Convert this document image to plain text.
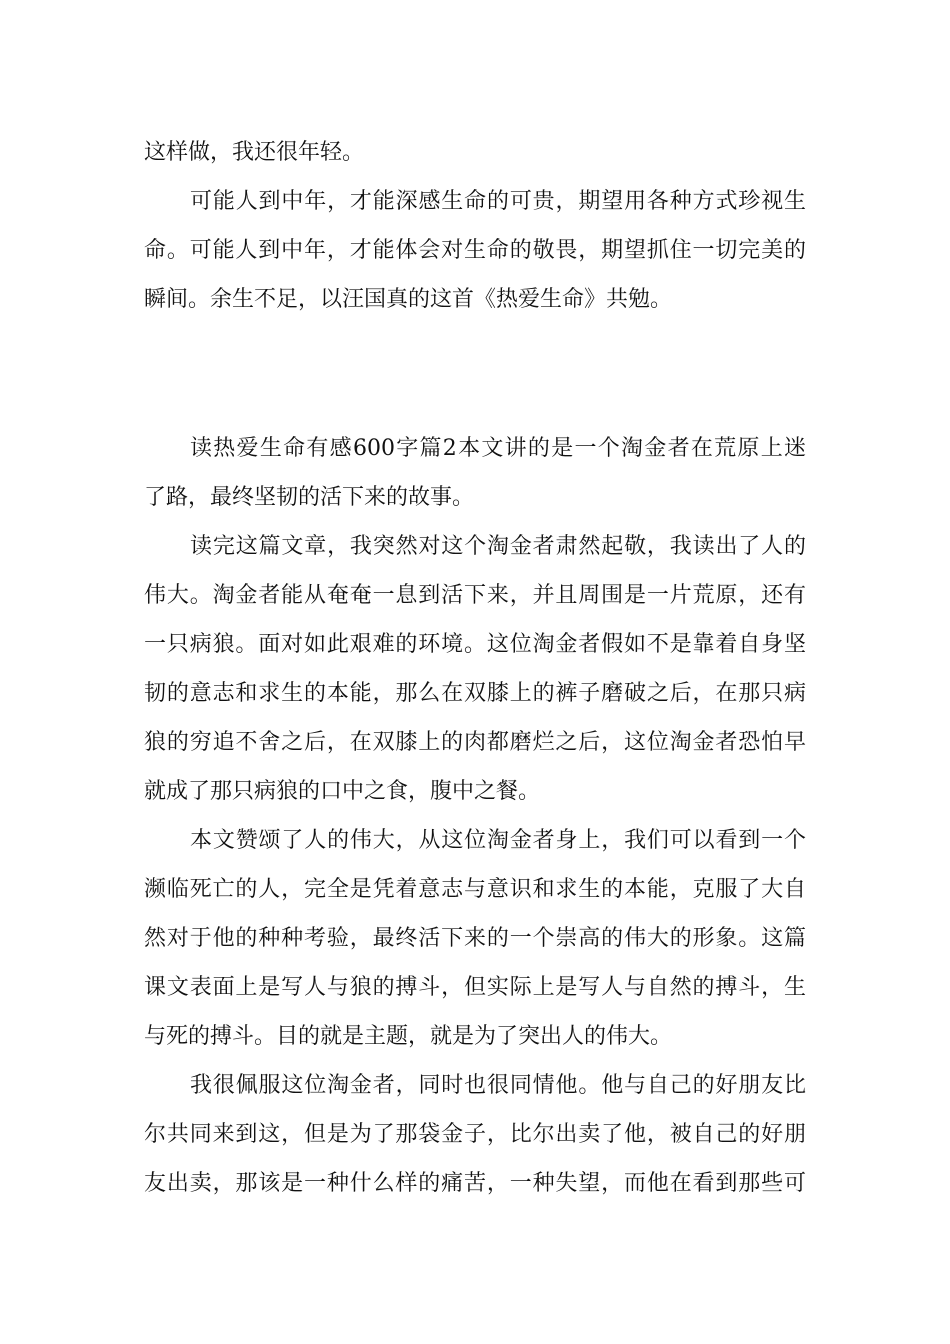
这样做，我还很年轻。
可能人到中年，才能深感生命的可贵，期望用各种方式珍视生
命。可能人到中年，才能体会对生命的敬畏，期望抓住一切完美的
瞬间。余生不足，以汪国真的这首《热爱生命》共勉。
读热爱生命有感600字篇2本文讲的是一个淘金者在荒原上迷
了路，最终坚韧的活下来的故事。
读完这篇文章，我突然对这个淘金者肃然起敬，我读出了人的
伟大。淘金者能从奄奄一息到活下来，并且周围是一片荒原，还有
一只病狼。面对如此艰难的环境。这位淘金者假如不是靠着自身坚
韧的意志和求生的本能，那么在双膝上的裤子磨破之后，在那只病
狼的穷追不舍之后，在双膝上的肉都磨烂之后，这位淘金者恐怕早
就成了那只病狼的口中之食，腹中之餐。
本文赞颂了人的伟大，从这位淘金者身上，我们可以看到一个
濒临死亡的人，完全是凭着意志与意识和求生的本能，克服了大自
然对于他的种种考验，最终活下来的一个崇高的伟大的形象。这篇
课文表面上是写人与狼的搏斗，但实际上是写人与自然的搏斗，生
与死的搏斗。目的就是主题，就是为了突出人的伟大。
我很佩服这位淘金者，同时也很同情他。他与自己的好朋友比
尔共同来到这，但是为了那袋金子，比尔出卖了他，被自己的好朋
友出卖，那该是一种什么样的痛苦，一种失望，而他在看到那些可
